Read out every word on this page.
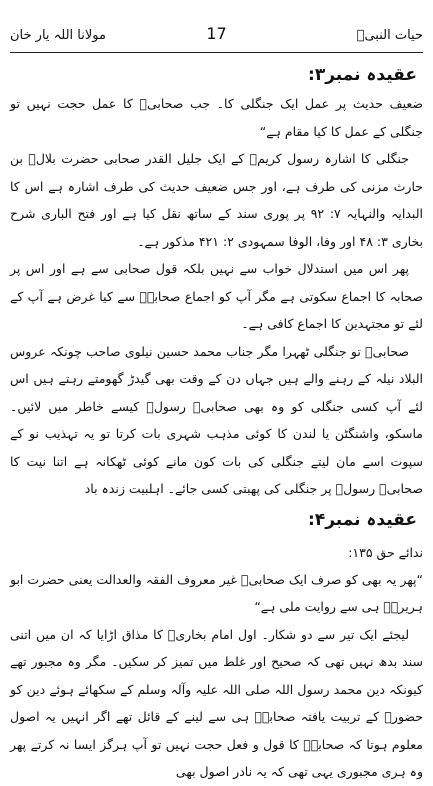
مولانا اللہ یار خان	17	حیات النبیؐ
عقیدہ نمبر۳:

ضعیف حدیث پر عمل ایک جنگلی کا۔ جب صحابیؓ کا عمل حجت نہیں تو جنگلی کے عمل کا کیا مقام ہے“

جنگلی کا اشارہ رسول کریمؐ کے ایک جلیل القدر صحابی حضرت بلالؓ بن حارث مزنی کی طرف ہے، اور جس ضعیف حدیث کی طرف اشارہ ہے اس کا البدایہ والنہایہ ۷: ۹۲ پر پوری سند کے ساتھ نقل کیا ہے اور فتح الباری شرح بخاری ۳: ۴۸ اور وفا، الوفا سمہودی ۲: ۴۲۱ مذکور ہے۔

پھر اس میں استدلال خواب سے نہیں بلکہ قول صحابی سے ہے اور اس پر صحابہ کا اجماع سکوتی ہے مگر آپ کو اجماع صحابہؓ سے کیا غرض ہے آپ کے لئے تو مجتہدین کا اجماع کافی ہے۔

صحابیؓ تو جنگلی ٹھہرا مگر جناب محمد حسین نیلوی صاحب چونکہ عروس البلاد نیلہ کے رہنے والے ہیں جہاں دن کے وقت بھی گیدڑ گھومتے رہتے ہیں اس لئے آپ کسی جنگلی کو وہ بھی صحابیؓ رسولؐ کیسے خاطر میں لائیں۔ ماسکو، واشنگٹن یا لندن کا کوئی مذہب شہری بات کرتا تو یہ تہذیب نو کے سپوت اسے مان لیتے جنگلی کی بات کون مانے کوئی ٹھکانہ ہے اتنا نیت کا صحابیؓ رسولؐ پر جنگلی کی پھبتی کسی جائے۔ اہلبیت زندہ باد

عقیدہ نمبر۴:
ندائے حق ۱۳۵:

“پھر یہ بھی کو صرف ایک صحابیؓ غیر معروف الفقہ والعدالت یعنی حضرت ابو ہریرہؓ ہی سے روایت ملی ہے“

لیجئے ایک تیر سے دو شکار۔ اول امام بخاریؒ کا مذاق اڑایا کہ ان میں اتنی سند بدھ نہیں تھی کہ صحیح اور غلط میں تمیز کر سکیں۔ مگر وہ مجبور تھے کیونکہ دین محمد رسول اللہ صلی اللہ علیہ وآلہ وسلم کے سکھائے ہوئے دین کو حضورؐ کے تربیت یافتہ صحابہؓ ہی سے لینے کے قائل تھے اگر انہیں یہ اصول معلوم ہوتا کہ صحابہؓ کا قول و فعل حجت نہیں تو آپ ہرگز ایسا نہ کرتے پھر وہ ہری مجبوری یہی تھی کہ یہ نادر اصول بھی
